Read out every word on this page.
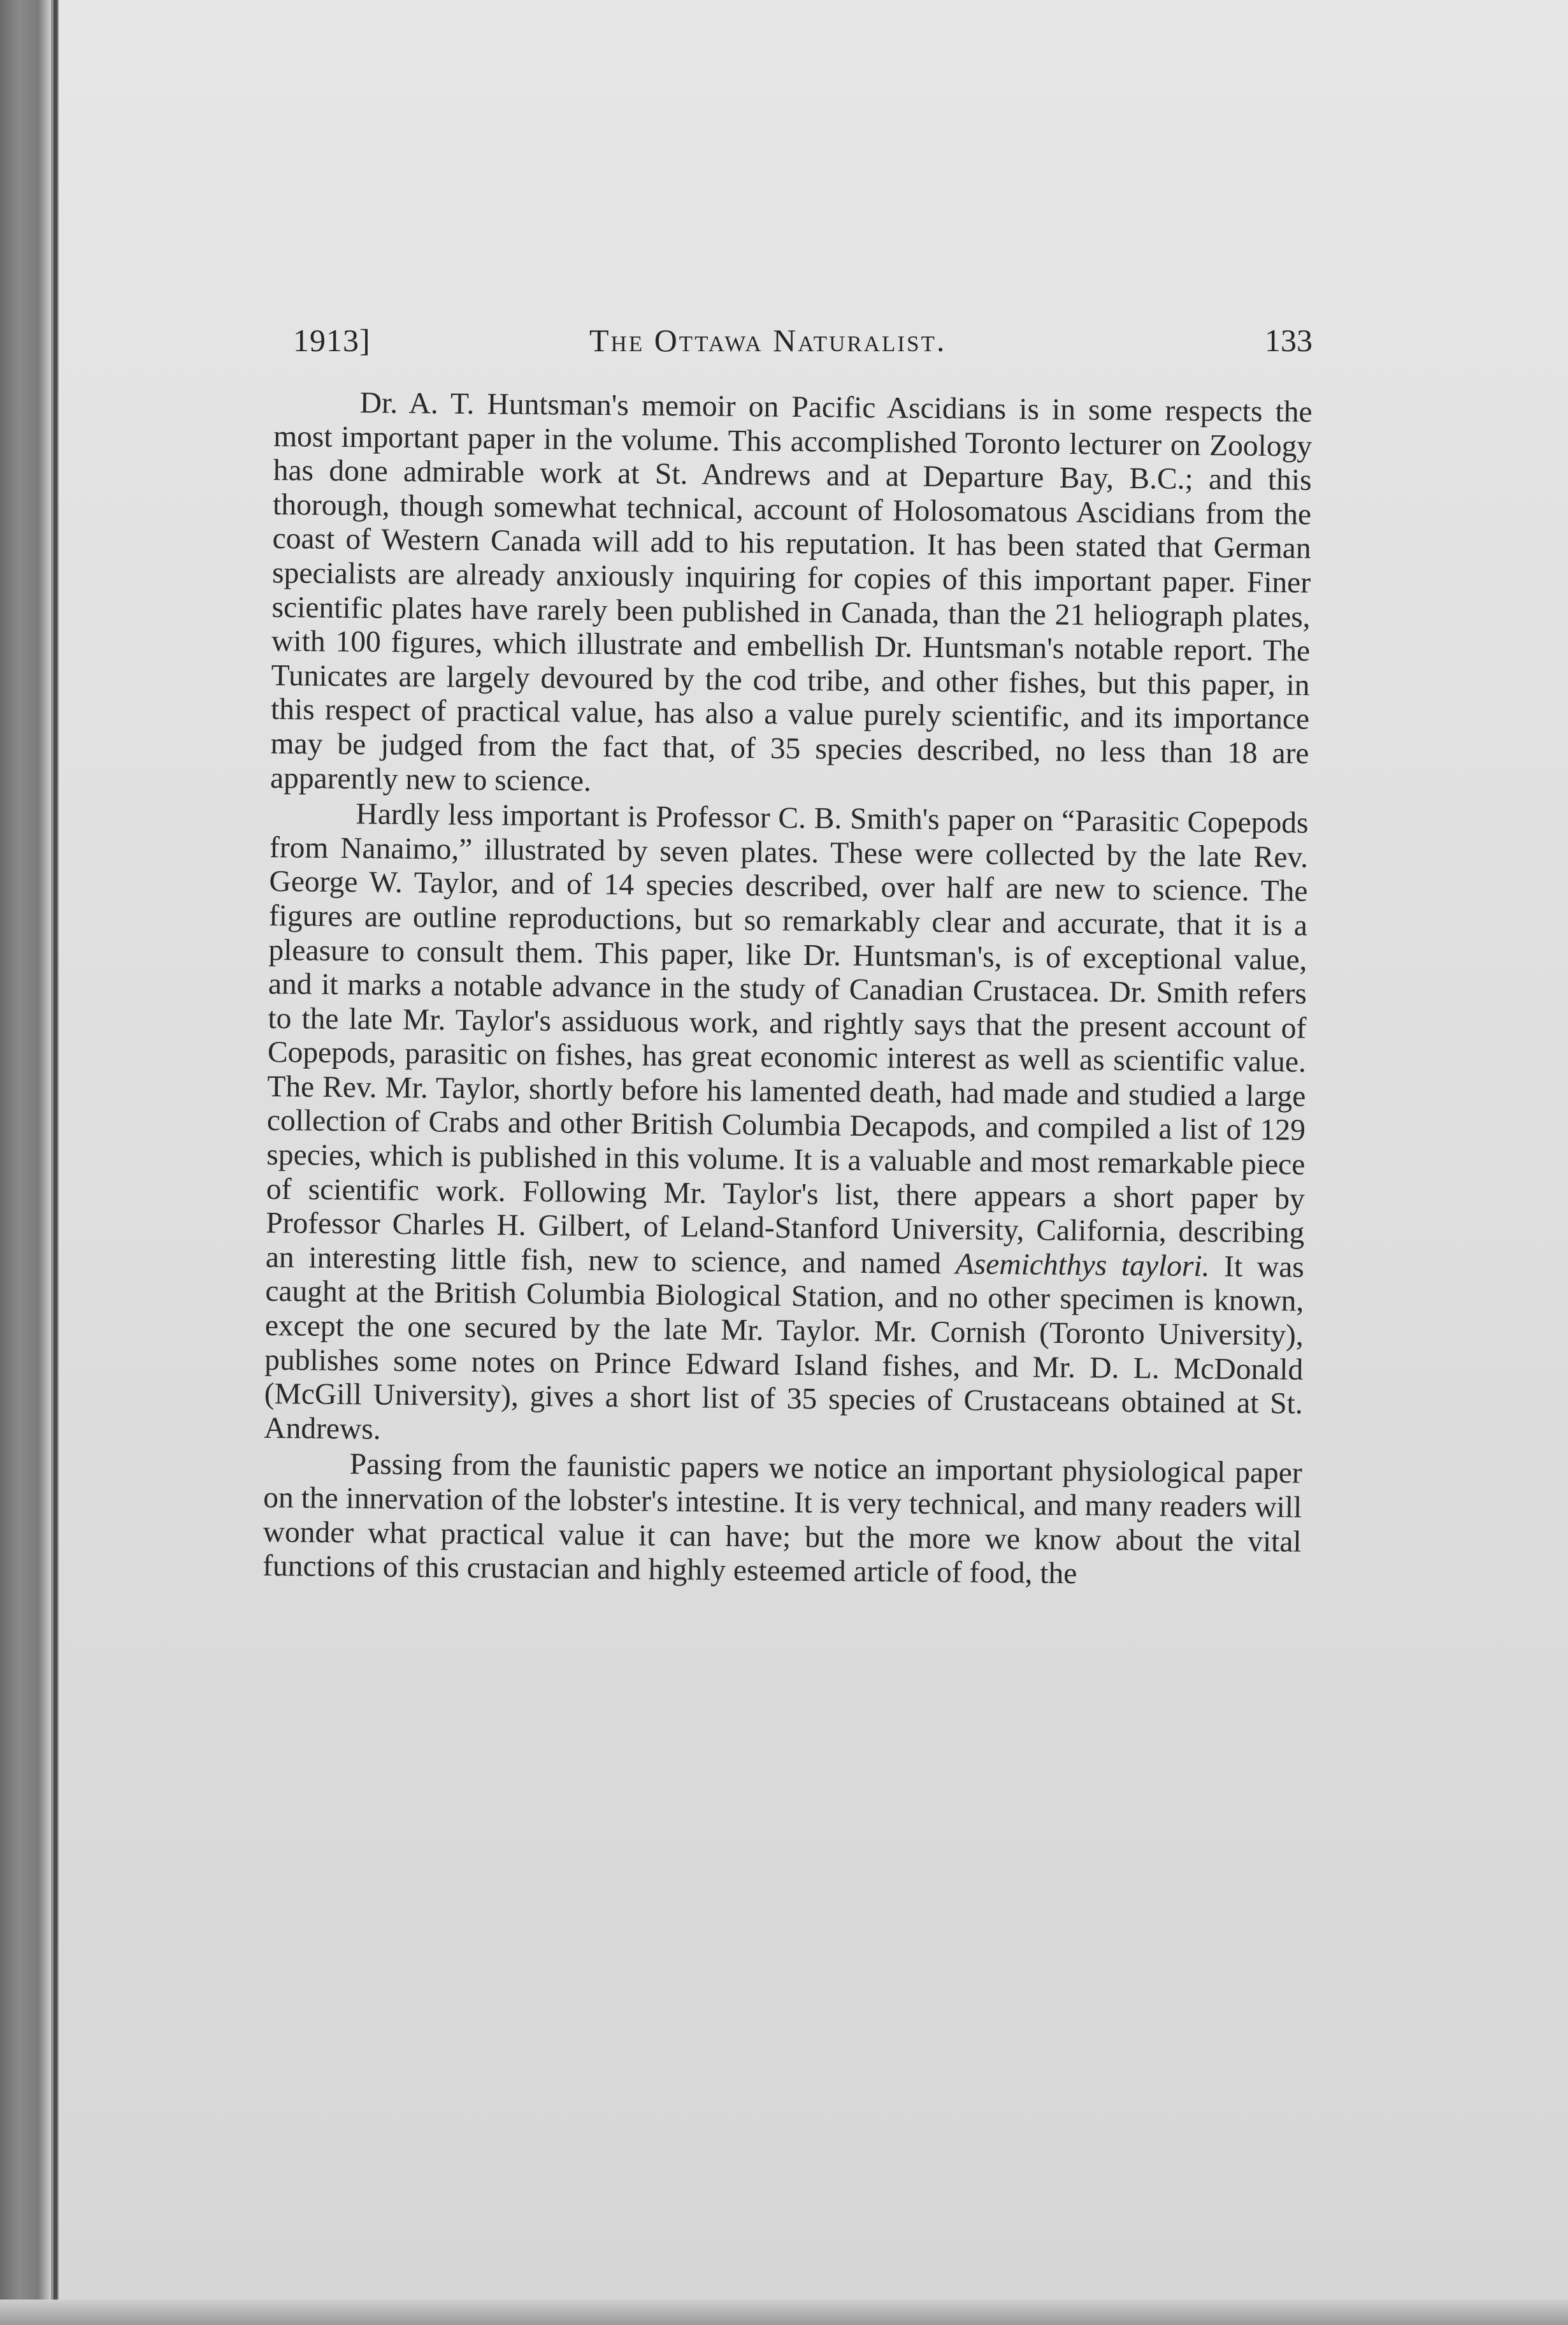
1913]	The Ottawa Naturalist.	133

Dr. A. T. Huntsman's memoir on Pacific Ascidians is in some respects the most important paper in the volume. This accomplished Toronto lecturer on Zoology has done admirable work at St. Andrews and at Departure Bay, B.C.; and this thorough, though somewhat technical, account of Holosomatous Ascidians from the coast of Western Canada will add to his reputation. It has been stated that German specialists are already anxiously inquiring for copies of this important paper. Finer scientific plates have rarely been published in Canada, than the 21 heliograph plates, with 100 figures, which illustrate and embellish Dr. Huntsman's notable report. The Tunicates are largely devoured by the cod tribe, and other fishes, but this paper, in this respect of practical value, has also a value purely scientific, and its importance may be judged from the fact that, of 35 species described, no less than 18 are apparently new to science.

Hardly less important is Professor C. B. Smith's paper on “Parasitic Copepods from Nanaimo,” illustrated by seven plates. These were collected by the late Rev. George W. Taylor, and of 14 species described, over half are new to science. The figures are outline reproductions, but so remarkably clear and accurate, that it is a pleasure to consult them. This paper, like Dr. Huntsman's, is of exceptional value, and it marks a notable advance in the study of Canadian Crustacea. Dr. Smith refers to the late Mr. Taylor's assiduous work, and rightly says that the present account of Copepods, parasitic on fishes, has great economic interest as well as scientific value. The Rev. Mr. Taylor, shortly before his lamented death, had made and studied a large collection of Crabs and other British Columbia Decapods, and compiled a list of 129 species, which is published in this volume. It is a valuable and most remarkable piece of scientific work. Following Mr. Taylor's list, there appears a short paper by Professor Charles H. Gilbert, of Leland-Stanford University, California, describing an interesting little fish, new to science, and named Asemichthys taylori. It was caught at the British Columbia Biological Station, and no other specimen is known, except the one secured by the late Mr. Taylor. Mr. Cornish (Toronto University), publishes some notes on Prince Edward Island fishes, and Mr. D. L. McDonald (McGill University), gives a short list of 35 species of Crustaceans obtained at St. Andrews.

Passing from the faunistic papers we notice an important physiological paper on the innervation of the lobster's intestine. It is very technical, and many readers will wonder what practical value it can have; but the more we know about the vital functions of this crustacian and highly esteemed article of food, the
